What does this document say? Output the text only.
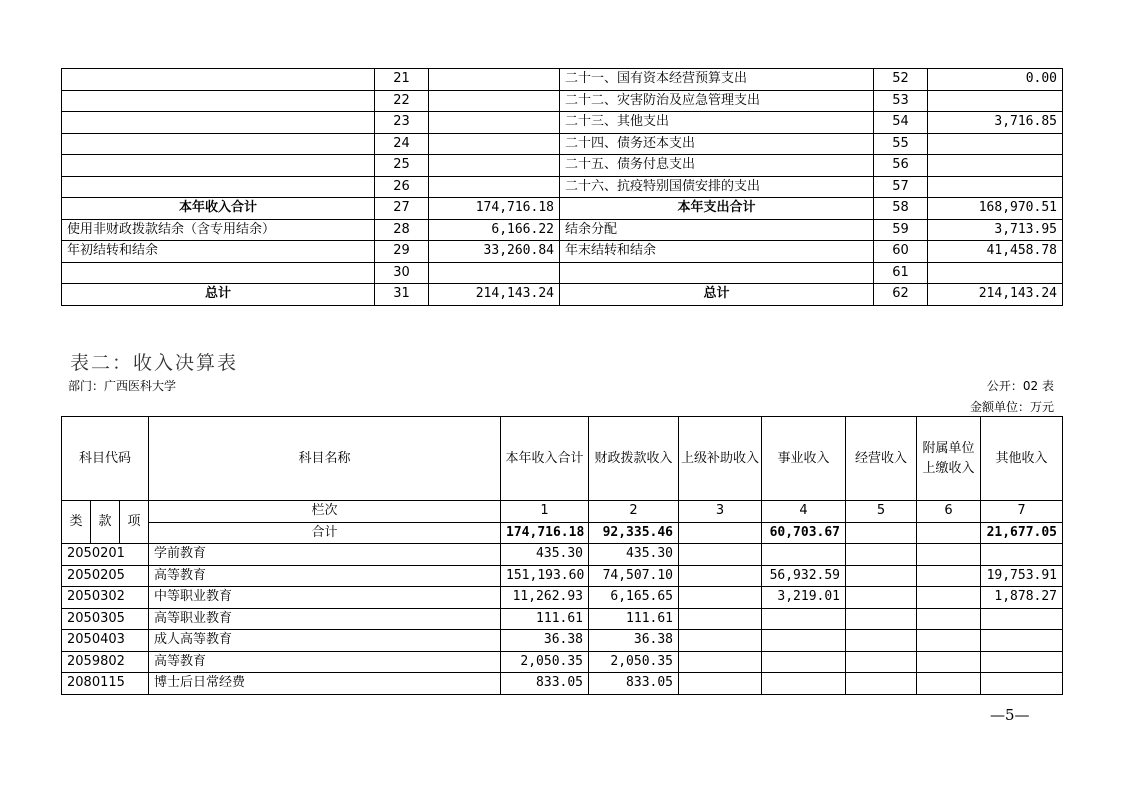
	21		二十一、国有资本经营预算支出	52	0.00
	22		二十二、灾害防治及应急管理支出	53	
	23		二十三、其他支出	54	3,716.85
	24		二十四、债务还本支出	55	
	25		二十五、债务付息支出	56	
	26		二十六、抗疫特别国债安排的支出	57	
本年收入合计	27	174,716.18	本年支出合计	58	168,970.51
使用非财政拨款结余（含专用结余）	28	6,166.22	结余分配	59	3,713.95
年初结转和结余	29	33,260.84	年末结转和结余	60	41,458.78
	30			61	
总计	31	214,143.24	总计	62	214,143.24
表二：收入决算表
部门：广西医科大学	公开：02 表
金额单位：万元
科目代码			科目名称	本年收入合计	财政拨款收入	上级补助收入	事业收入	经营收入	附属单位上缴收入	其他收入
类	款	项	栏次	1	2	3	4	5	6	7
			合计	174,716.18	92,335.46		60,703.67			21,677.05
2050201			学前教育	435.30	435.30					
2050205			高等教育	151,193.60	74,507.10		56,932.59			19,753.91
2050302			中等职业教育	11,262.93	6,165.65		3,219.01			1,878.27
2050305			高等职业教育	111.61	111.61					
2050403			成人高等教育	36.38	36.38					
2059802			高等教育	2,050.35	2,050.35					
2080115			博士后日常经费	833.05	833.05					
—5—
